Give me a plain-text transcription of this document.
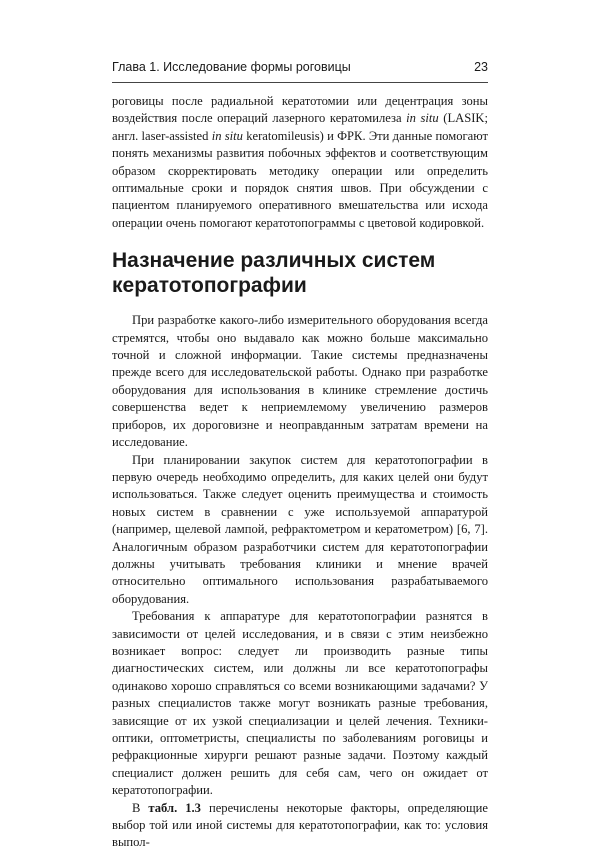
Глава 1. Исследование формы роговицы	23

роговицы после радиальной кератотомии или децентрация зоны воздействия после операций лазерного кератомилеза in situ (LASIK; англ. laser-assisted in situ keratomileusis) и ФРК. Эти данные помогают понять механизмы развития побочных эффектов и соответствующим образом скорректировать методику операции или определить оптимальные сроки и порядок снятия швов. При обсуждении с пациентом планируемого оперативного вмешательства или исхода операции очень помогают кератотопограммы с цветовой кодировкой.

Назначение различных систем
кератотопографии

При разработке какого-либо измерительного оборудования всегда стремятся, чтобы оно выдавало как можно больше максимально точной и сложной информации. Такие системы предназначены прежде всего для исследовательской работы. Однако при разработке оборудования для использования в клинике стремление достичь совершенства ведет к неприемлемому увеличению размеров приборов, их дороговизне и неоправданным затратам времени на исследование.

При планировании закупок систем для кератотопографии в первую очередь необходимо определить, для каких целей они будут использоваться. Также следует оценить преимущества и стоимость новых систем в сравнении с уже используемой аппаратурой (например, щелевой лампой, рефрактометром и кератометром) [6, 7]. Аналогичным образом разработчики систем для кератотопографии должны учитывать требования клиники и мнение врачей относительно оптимального использования разрабатываемого оборудования.

Требования к аппаратуре для кератотопографии разнятся в зависимости от целей исследования, и в связи с этим неизбежно возникает вопрос: следует ли производить разные типы диагностических систем, или должны ли все кератотопографы одинаково хорошо справляться со всеми возникающими задачами? У разных специалистов также могут возникать разные требования, зависящие от их узкой специализации и целей лечения. Техники-оптики, оптометристы, специалисты по заболеваниям роговицы и рефракционные хирурги решают разные задачи. Поэтому каждый специалист должен решить для себя сам, чего он ожидает от кератотопографии.

В табл. 1.3 перечислены некоторые факторы, определяющие выбор той или иной системы для кератотопографии, как то: условия выпол-
